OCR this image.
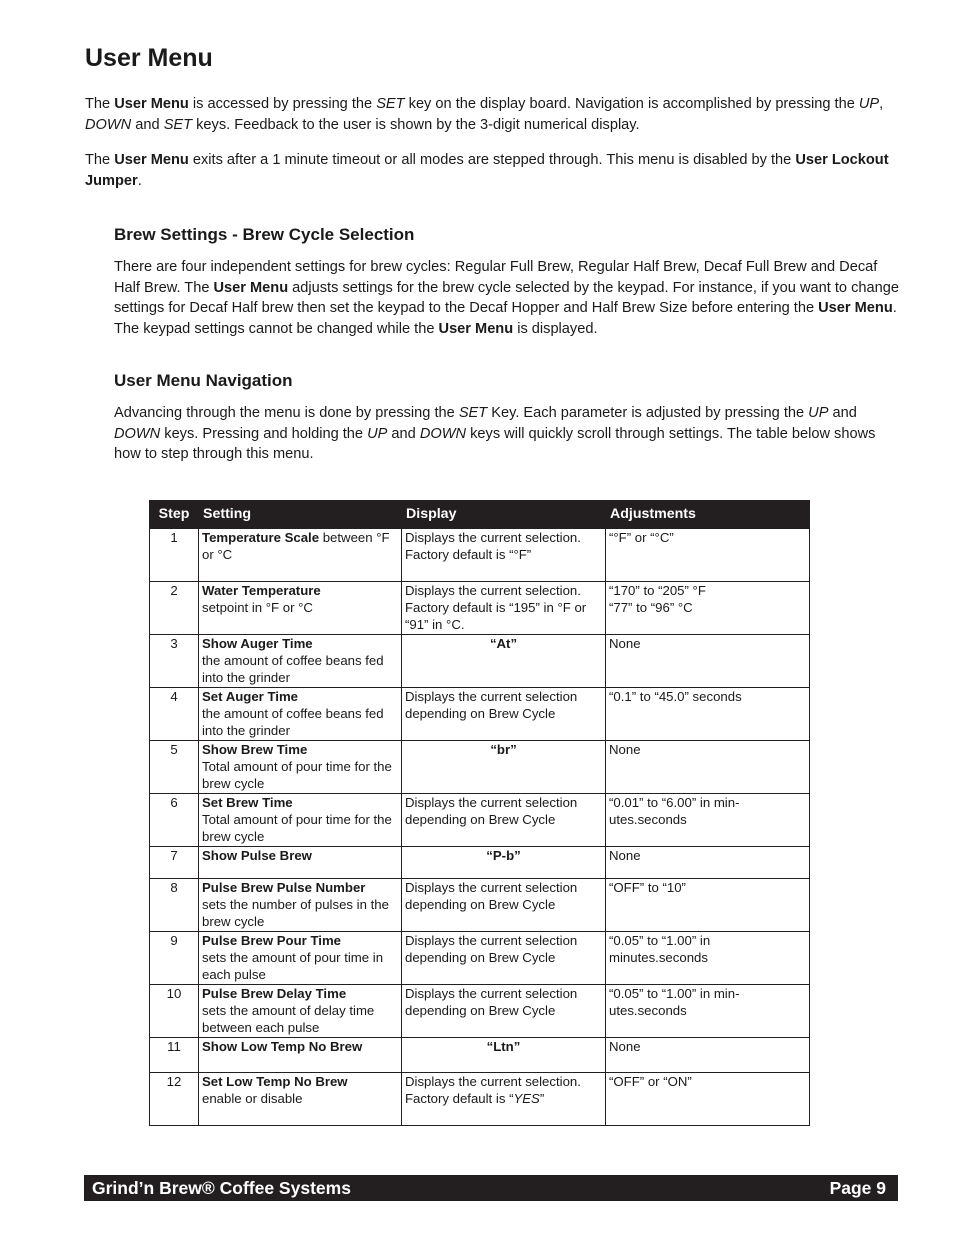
User Menu

The User Menu is accessed by pressing the SET key on the display board. Navigation is accomplished by pressing the UP, DOWN and SET keys. Feedback to the user is shown by the 3-digit numerical display.

The User Menu exits after a 1 minute timeout or all modes are stepped through. This menu is disabled by the User Lockout Jumper.

Brew Settings - Brew Cycle Selection

There are four independent settings for brew cycles: Regular Full Brew, Regular Half Brew, Decaf Full Brew and Decaf Half Brew. The User Menu adjusts settings for the brew cycle selected by the keypad. For instance, if you want to change settings for Decaf Half brew then set the keypad to the Decaf Hopper and Half Brew Size before entering the User Menu. The keypad settings cannot be changed while the User Menu is displayed.

User Menu Navigation

Advancing through the menu is done by pressing the SET Key. Each parameter is adjusted by pressing the UP and DOWN keys. Pressing and holding the UP and DOWN keys will quickly scroll through settings. The table below shows how to step through this menu.

Step	Setting	Display	Adjustments
1	Temperature Scale between °F or °C	Displays the current selection. Factory default is “°F”	“°F” or “°C”
2	Water Temperature
setpoint in °F or °C	Displays the current selection. Factory default is “195” in °F or “91” in °C.	“170” to “205” °F
“77” to “96” °C
3	Show Auger Time
the amount of coffee beans fed into the grinder	“At”	None
4	Set Auger Time
the amount of coffee beans fed into the grinder	Displays the current selection depending on Brew Cycle	“0.1” to “45.0” seconds
5	Show Brew Time
Total amount of pour time for the brew cycle	“br”	None
6	Set Brew Time
Total amount of pour time for the brew cycle	Displays the current selection depending on Brew Cycle	“0.01” to “6.00” in min-utes.seconds
7	Show Pulse Brew	“P-b”	None
8	Pulse Brew Pulse Number
sets the number of pulses in the brew cycle	Displays the current selection depending on Brew Cycle	“OFF” to “10”
9	Pulse Brew Pour Time
sets the amount of pour time in each pulse	Displays the current selection depending on Brew Cycle	“0.05” to “1.00” in minutes.seconds
10	Pulse Brew Delay Time
sets the amount of delay time between each pulse	Displays the current selection depending on Brew Cycle	“0.05” to “1.00” in min-utes.seconds
11	Show Low Temp No Brew	“Ltn”	None
12	Set Low Temp No Brew
enable or disable	Displays the current selection. Factory default is “YES”	“OFF” or “ON”
Grind’n Brew® Coffee Systems	Page 9
